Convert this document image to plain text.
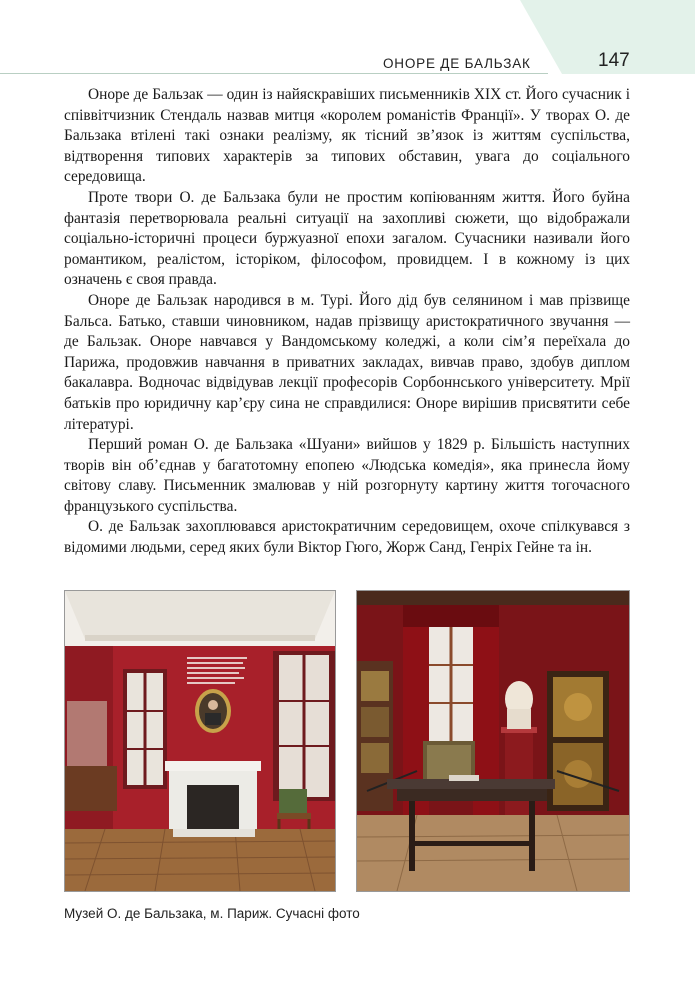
ОНОРЕ ДЕ БАЛЬЗАК	147

Оноре де Бальзак — один із найяскравіших письменників XIX ст. Його сучасник і співвітчизник Стендаль назвав митця «королем романістів Франції». У творах О. де Бальзака втілені такі ознаки реалізму, як тісний зв’язок із життям суспільства, відтворення типових характерів за типових обставин, увага до соціального середовища.

Проте твори О. де Бальзака були не простим копіюванням життя. Його буйна фантазія перетворювала реальні ситуації на захопливі сюжети, що відображали соціально-історичні процеси буржуазної епохи загалом. Сучасники називали його романтиком, реалістом, історіком, філософом, провидцем. І в кожному із цих означень є своя правда.

Оноре де Бальзак народився в м. Турі. Його дід був селянином і мав прізвище Бальса. Батько, ставши чиновником, надав прізвищу аристократичного звучання — де Бальзак. Оноре навчався у Вандомському коледжі, а коли сім’я переїхала до Парижа, продовжив навчання в приватних закладах, вивчав право, здобув диплом бакалавра. Водночас відвідував лекції професорів Сорбоннського університету. Мрії батьків про юридичну кар’єру сина не справдилися: Оноре вирішив присвятити себе літературі.

Перший роман О. де Бальзака «Шуани» вийшов у 1829 р. Більшість наступних творів він об’єднав у багатотомну епопею «Людська комедія», яка принесла йому світову славу. Письменник змалював у ній розгорнуту картину життя тогочасного французького суспільства.

О. де Бальзак захоплювався аристократичним середовищем, охоче спілкувався з відомими людьми, серед яких були Віктор Гюго, Жорж Санд, Генріх Гейне та ін.

Музей О. де Бальзака, м. Париж. Сучасні фото
